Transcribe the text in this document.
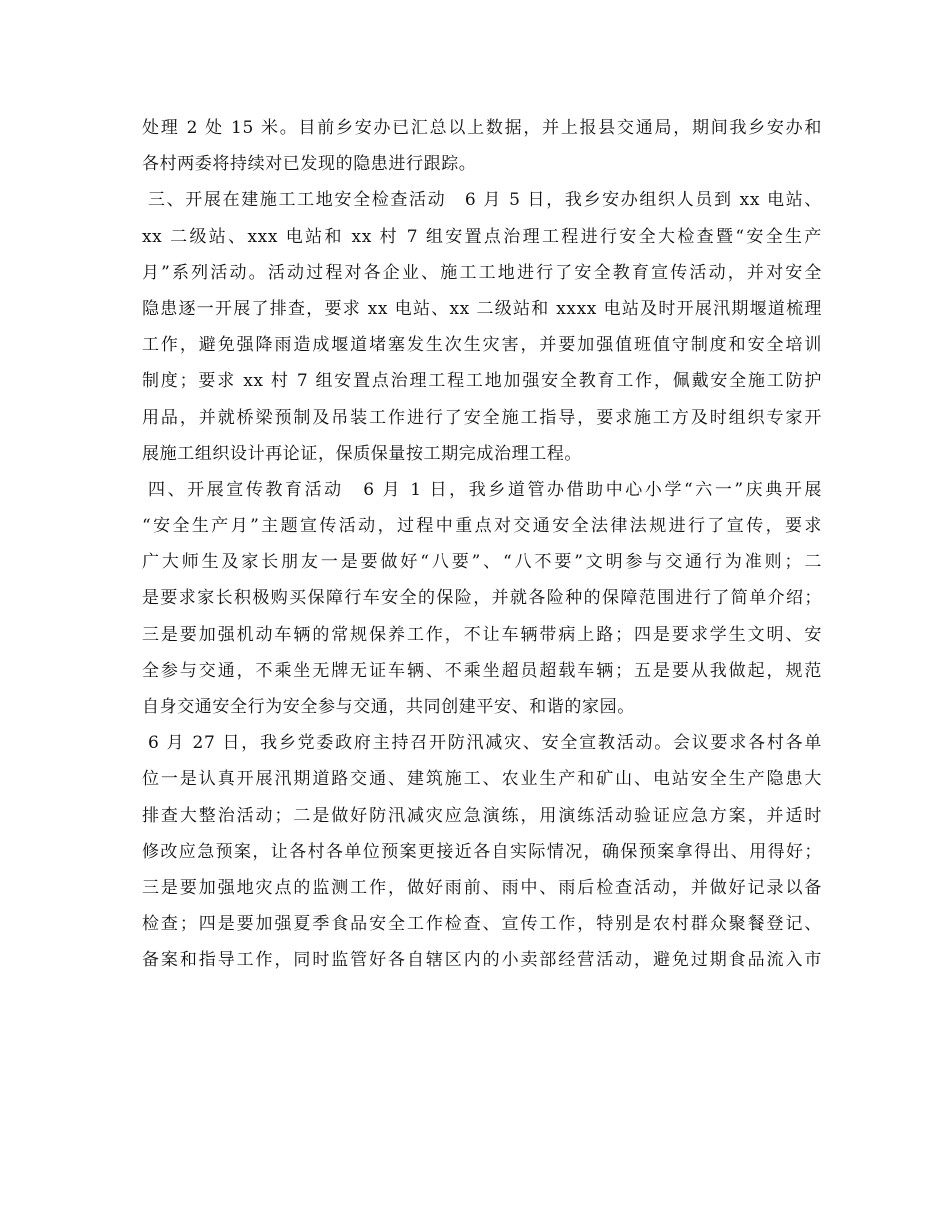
处理 2 处 15 米。目前乡安办已汇总以上数据，并上报县交通局，期间我乡安办和
各村两委将持续对已发现的隐患进行跟踪。
三、开展在建施工工地安全检查活动　6 月 5 日，我乡安办组织人员到 xx 电站、
xx 二级站、xxx 电站和 xx 村 7 组安置点治理工程进行安全大检查暨“安全生产
月”系列活动。活动过程对各企业、施工工地进行了安全教育宣传活动，并对安全
隐患逐一开展了排查，要求 xx 电站、xx 二级站和 xxxx 电站及时开展汛期堰道梳理
工作，避免强降雨造成堰道堵塞发生次生灾害，并要加强值班值守制度和安全培训
制度；要求 xx 村 7 组安置点治理工程工地加强安全教育工作，佩戴安全施工防护
用品，并就桥梁预制及吊装工作进行了安全施工指导，要求施工方及时组织专家开
展施工组织设计再论证，保质保量按工期完成治理工程。
四、开展宣传教育活动　6 月 1 日，我乡道管办借助中心小学“六一”庆典开展
“安全生产月”主题宣传活动，过程中重点对交通安全法律法规进行了宣传，要求
广大师生及家长朋友一是要做好“八要”、“八不要”文明参与交通行为准则；二
是要求家长积极购买保障行车安全的保险，并就各险种的保障范围进行了简单介绍；
三是要加强机动车辆的常规保养工作，不让车辆带病上路；四是要求学生文明、安
全参与交通，不乘坐无牌无证车辆、不乘坐超员超载车辆；五是要从我做起，规范
自身交通安全行为安全参与交通，共同创建平安、和谐的家园。
6 月 27 日，我乡党委政府主持召开防汛减灾、安全宣教活动。会议要求各村各单
位一是认真开展汛期道路交通、建筑施工、农业生产和矿山、电站安全生产隐患大
排查大整治活动；二是做好防汛减灾应急演练，用演练活动验证应急方案，并适时
修改应急预案，让各村各单位预案更接近各自实际情况，确保预案拿得出、用得好；
三是要加强地灾点的监测工作，做好雨前、雨中、雨后检查活动，并做好记录以备
检查；四是要加强夏季食品安全工作检查、宣传工作，特别是农村群众聚餐登记、
备案和指导工作，同时监管好各自辖区内的小卖部经营活动，避免过期食品流入市
